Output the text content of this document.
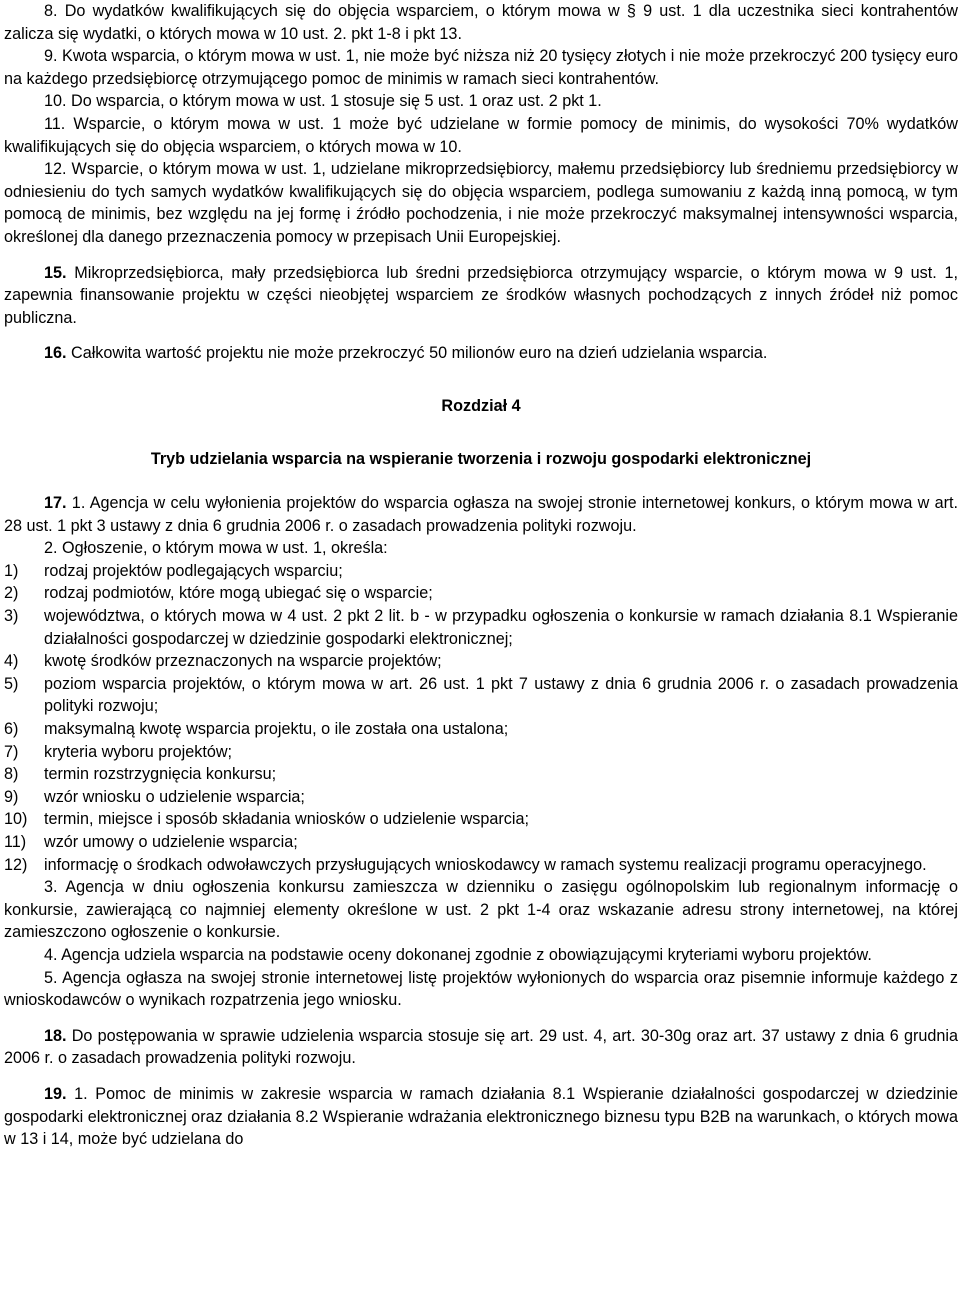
8. Do wydatków kwalifikujących się do objęcia wsparciem, o którym mowa w § 9 ust. 1 dla uczestnika sieci kontrahentów zalicza się wydatki, o których mowa w 10 ust. 2. pkt 1-8 i pkt 13.

9. Kwota wsparcia, o którym mowa w ust. 1, nie może być niższa niż 20 tysięcy złotych i nie może przekroczyć 200 tysięcy euro na każdego przedsiębiorcę otrzymującego pomoc de minimis w ramach sieci kontrahentów.

10. Do wsparcia, o którym mowa w ust. 1 stosuje się 5 ust. 1 oraz ust. 2 pkt 1.

11. Wsparcie, o którym mowa w ust. 1 może być udzielane w formie pomocy de minimis, do wysokości 70% wydatków kwalifikujących się do objęcia wsparciem, o których mowa w 10.

12. Wsparcie, o którym mowa w ust. 1, udzielane mikroprzedsiębiorcy, małemu przedsiębiorcy lub średniemu przedsiębiorcy w odniesieniu do tych samych wydatków kwalifikujących się do objęcia wsparciem, podlega sumowaniu z każdą inną pomocą, w tym pomocą de minimis, bez względu na jej formę i źródło pochodzenia, i nie może przekroczyć maksymalnej intensywności wsparcia, określonej dla danego przeznaczenia pomocy w przepisach Unii Europejskiej.

15. Mikroprzedsiębiorca, mały przedsiębiorca lub średni przedsiębiorca otrzymujący wsparcie, o którym mowa w 9 ust. 1, zapewnia finansowanie projektu w części nieobjętej wsparciem ze środków własnych pochodzących z innych źródeł niż pomoc publiczna.

16. Całkowita wartość projektu nie może przekroczyć 50 milionów euro na dzień udzielania wsparcia.

Rozdział 4

Tryb udzielania wsparcia na wspieranie tworzenia i rozwoju gospodarki elektronicznej

17. 1. Agencja w celu wyłonienia projektów do wsparcia ogłasza na swojej stronie internetowej konkurs, o którym mowa w art. 28 ust. 1 pkt 3 ustawy z dnia 6 grudnia 2006 r. o zasadach prowadzenia polityki rozwoju.

2. Ogłoszenie, o którym mowa w ust. 1, określa:

1)	rodzaj projektów podlegających wsparciu;
2)	rodzaj podmiotów, które mogą ubiegać się o wsparcie;
3)	województwa, o których mowa w 4 ust. 2 pkt 2 lit. b - w przypadku ogłoszenia o konkursie w ramach działania 8.1 Wspieranie działalności gospodarczej w dziedzinie gospodarki elektronicznej;
4)	kwotę środków przeznaczonych na wsparcie projektów;
5)	poziom wsparcia projektów, o którym mowa w art. 26 ust. 1 pkt 7 ustawy z dnia 6 grudnia 2006 r. o zasadach prowadzenia polityki rozwoju;
6)	maksymalną kwotę wsparcia projektu, o ile została ona ustalona;
7)	kryteria wyboru projektów;
8)	termin rozstrzygnięcia konkursu;
9)	wzór wniosku o udzielenie wsparcia;
10)	termin, miejsce i sposób składania wniosków o udzielenie wsparcia;
11)	wzór umowy o udzielenie wsparcia;
12)	informację o środkach odwoławczych przysługujących wnioskodawcy w ramach systemu realizacji programu operacyjnego.

3. Agencja w dniu ogłoszenia konkursu zamieszcza w dzienniku o zasięgu ogólnopolskim lub regionalnym informację o konkursie, zawierającą co najmniej elementy określone w ust. 2 pkt 1-4 oraz wskazanie adresu strony internetowej, na której zamieszczono ogłoszenie o konkursie.

4. Agencja udziela wsparcia na podstawie oceny dokonanej zgodnie z obowiązującymi kryteriami wyboru projektów.

5. Agencja ogłasza na swojej stronie internetowej listę projektów wyłonionych do wsparcia oraz pisemnie informuje każdego z wnioskodawców o wynikach rozpatrzenia jego wniosku.

18. Do postępowania w sprawie udzielenia wsparcia stosuje się art. 29 ust. 4, art. 30-30g oraz art. 37 ustawy z dnia 6 grudnia 2006 r. o zasadach prowadzenia polityki rozwoju.

19. 1. Pomoc de minimis w zakresie wsparcia w ramach działania 8.1 Wspieranie działalności gospodarczej w dziedzinie gospodarki elektronicznej oraz działania 8.2 Wspieranie wdrażania elektronicznego biznesu typu B2B na warunkach, o których mowa w 13 i 14, może być udzielana do
